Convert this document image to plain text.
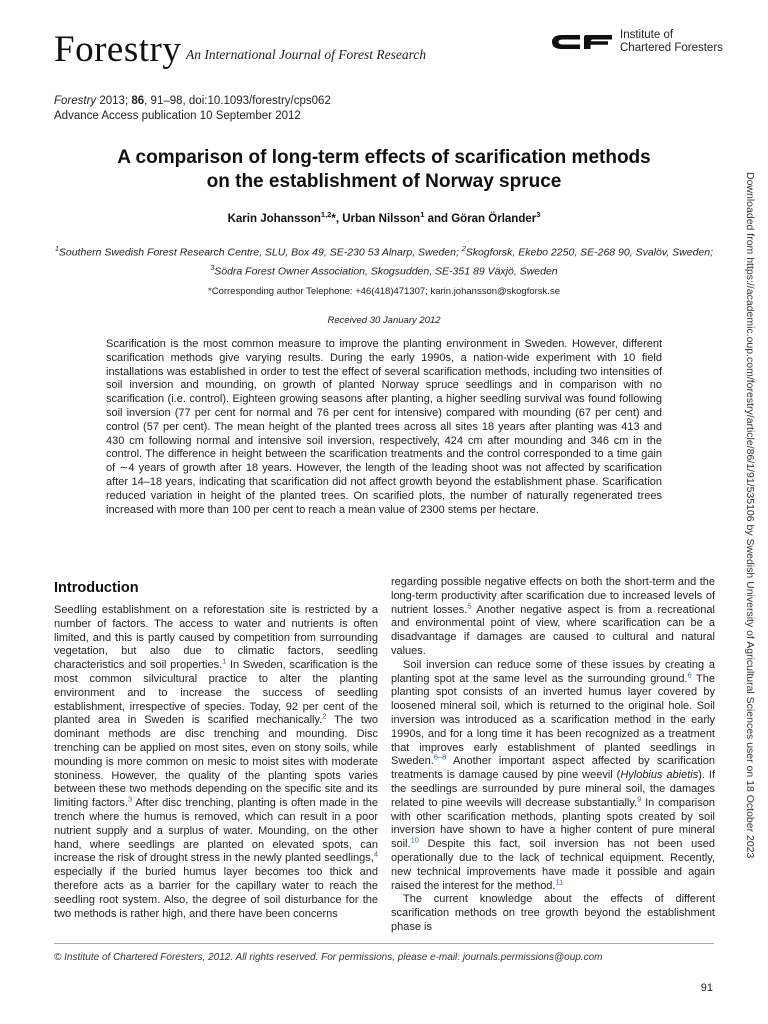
Forestry An International Journal of Forest Research
Institute of
Chartered Foresters
Forestry 2013; 86, 91–98, doi:10.1093/forestry/cps062
Advance Access publication 10 September 2012
A comparison of long-term effects of scarification methods
on the establishment of Norway spruce
Karin Johansson$^{1,2}$*, Urban Nilsson$^1$ and Göran Örlander$^3$
$^1$Southern Swedish Forest Research Centre, SLU, Box 49, SE-230 53 Alnarp, Sweden; $^2$Skogforsk, Ekebo 2250, SE-268 90, Svalöv, Sweden;
$^3$Södra Forest Owner Association, Skogsudden, SE-351 89 Växjö, Sweden
*Corresponding author Telephone: +46(418)471307; karin.johansson@skogforsk.se
Received 30 January 2012

Scarification is the most common measure to improve the planting environment in Sweden. However, different scarification methods give varying results. During the early 1990s, a nation-wide experiment with 10 field installations was established in order to test the effect of several scarification methods, including two intensities of soil inversion and mounding, on growth of planted Norway spruce seedlings and in comparison with no scarification (i.e. control). Eighteen growing seasons after planting, a higher seedling survival was found following soil inversion (77 per cent for normal and 76 per cent for intensive) compared with mounding (67 per cent) and control (57 per cent). The mean height of the planted trees across all sites 18 years after planting was 413 and 430 cm following normal and intensive soil inversion, respectively, 424 cm after mounding and 346 cm in the control. The difference in height between the scarification treatments and the control corresponded to a time gain of ∼4 years of growth after 18 years. However, the length of the leading shoot was not affected by scarification after 14–18 years, indicating that scarification did not affect growth beyond the establishment phase. Scarification reduced variation in height of the planted trees. On scarified plots, the number of naturally regenerated trees increased with more than 100 per cent to reach a mean value of 2300 stems per hectare.

Introduction

Seedling establishment on a reforestation site is restricted by a number of factors. The access to water and nutrients is often limited, and this is partly caused by competition from surrounding vegetation, but also due to climatic factors, seedling characteristics and soil properties.$^1$ In Sweden, scarification is the most common silvicultural practice to alter the planting environment and to increase the success of seedling establishment, irrespective of species. Today, 92 per cent of the planted area in Sweden is scarified mechanically.$^2$ The two dominant methods are disc trenching and mounding. Disc trenching can be applied on most sites, even on stony soils, while mounding is more common on mesic to moist sites with moderate stoniness. However, the quality of the planting spots varies between these two methods depending on the specific site and its limiting factors.$^3$ After disc trenching, planting is often made in the trench where the humus is removed, which can result in a poor nutrient supply and a surplus of water. Mounding, on the other hand, where seedlings are planted on elevated spots, can increase the risk of drought stress in the newly planted seedlings,$^4$ especially if the buried humus layer becomes too thick and therefore acts as a barrier for the capillary water to reach the seedling root system. Also, the degree of soil disturbance for the two methods is rather high, and there have been concerns

regarding possible negative effects on both the short-term and the long-term productivity after scarification due to increased levels of nutrient losses.$^5$ Another negative aspect is from a recreational and environmental point of view, where scarification can be a disadvantage if damages are caused to cultural and natural values.

Soil inversion can reduce some of these issues by creating a planting spot at the same level as the surrounding ground.$^6$ The planting spot consists of an inverted humus layer covered by loosened mineral soil, which is returned to the original hole. Soil inversion was introduced as a scarification method in the early 1990s, and for a long time it has been recognized as a treatment that improves early establishment of planted seedlings in Sweden.$^{6-8}$ Another important aspect affected by scarification treatments is damage caused by pine weevil (Hylobius abietis). If the seedlings are surrounded by pure mineral soil, the damages related to pine weevils will decrease substantially.$^9$ In comparison with other scarification methods, planting spots created by soil inversion have shown to have a higher content of pure mineral soil.$^{10}$ Despite this fact, soil inversion has not been used operationally due to the lack of technical equipment. Recently, new technical improvements have made it possible and again raised the interest for the method.$^{11}$

The current knowledge about the effects of different scarification methods on tree growth beyond the establishment phase is

© Institute of Chartered Foresters, 2012. All rights reserved. For permissions, please e-mail: journals.permissions@oup.com
91
Downloaded from https://academic.oup.com/forestry/article/86/1/91/535106 by Swedish University of Agricultural Sciences user on 18 October 2023
